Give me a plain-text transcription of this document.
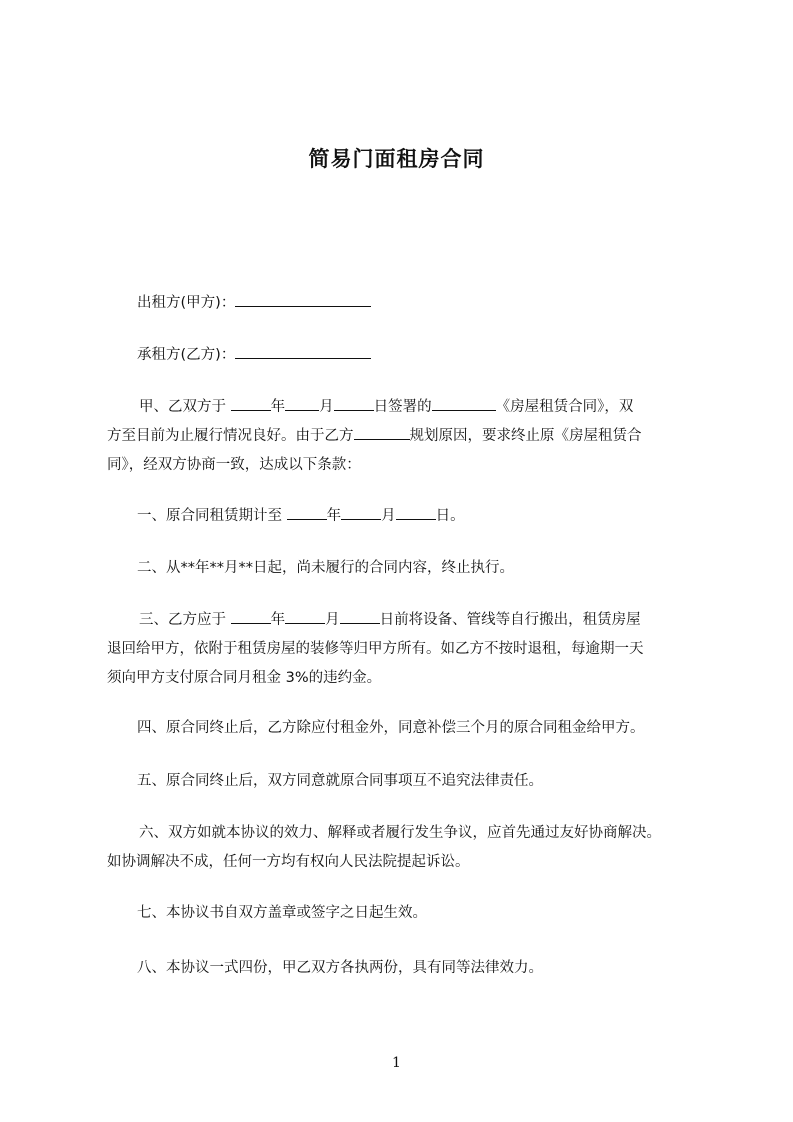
简易门面租房合同

出租方(甲方)：

承租方(乙方)：

甲、乙双方于	年 月	日签署的	《房屋租赁合同》，双
方至目前为止履行情况良好。由于乙方	规划原因，要求终止原《房屋租赁合
同》，经双方协商一致，达成以下条款：

一、原合同租赁期计至	年	月	日。

二、从**年**月**日起，尚未履行的合同内容，终止执行。

三、乙方应于	年	月	日前将设备、管线等自行搬出，租赁房屋
退回给甲方，依附于租赁房屋的装修等归甲方所有。如乙方不按时退租，每逾期一天
须向甲方支付原合同月租金 3%的违约金。

四、原合同终止后，乙方除应付租金外，同意补偿三个月的原合同租金给甲方。

五、原合同终止后，双方同意就原合同事项互不追究法律责任。

六、双方如就本协议的效力、解释或者履行发生争议，应首先通过友好协商解决。
如协调解决不成，任何一方均有权向人民法院提起诉讼。

七、本协议书自双方盖章或签字之日起生效。

八、本协议一式四份，甲乙双方各执两份，具有同等法律效力。

1
